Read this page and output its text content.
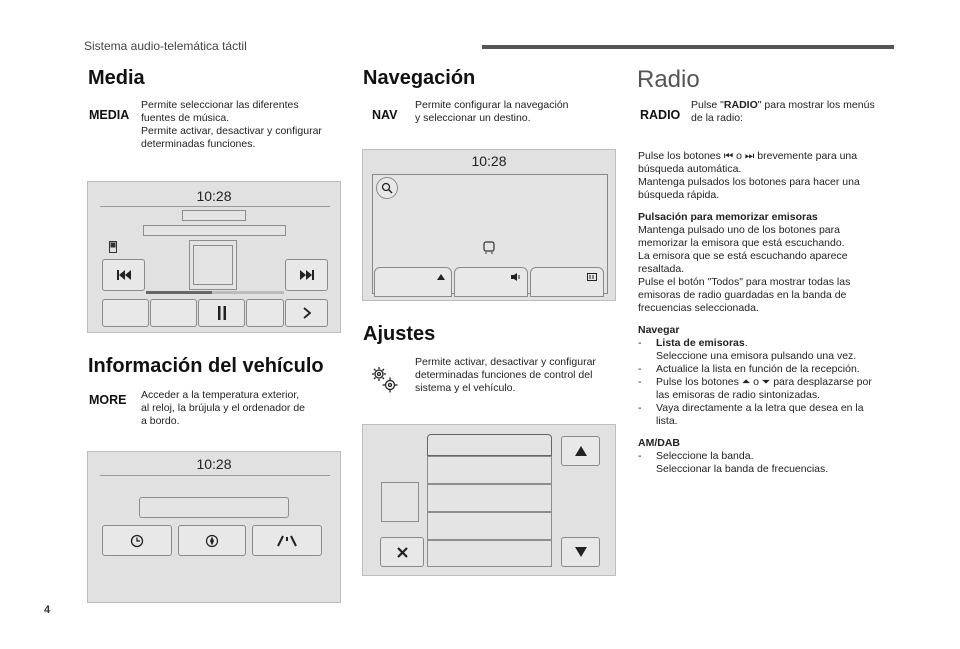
Sistema audio-telemática táctil
Media
MEDIA
Permite seleccionar las diferentes
fuentes de música.
Permite activar, desactivar y configurar
determinadas funciones.
10:28
Información del vehículo
MORE Acceder a la temperatura exterior,
al reloj, la brújula y el ordenador de
a bordo.
10:28
Navegación
NAV
Permite configurar la navegación
y seleccionar un destino.
10:28
Ajustes
Permite activar, desactivar y configurar
determinadas funciones de control del
sistema y el vehículo.
Radio
RADIO
Pulse "RADIO" para mostrar los menús
de la radio:
Pulse los botones ⏮ o ⏭ brevemente para una
búsqueda automática.
Mantenga pulsados los botones para hacer una
búsqueda rápida.
Pulsación para memorizar emisoras
Mantenga pulsado uno de los botones para
memorizar la emisora que está escuchando.
La emisora que se está escuchando aparece
resaltada.
Pulse el botón "Todos" para mostrar todas las
emisoras de radio guardadas en la banda de
frecuencias seleccionada.
Navegar
- Lista de emisoras.
Seleccione una emisora pulsando una vez.
- Actualice la lista en función de la recepción.
- Pulse los botones ⏶ o ⏷ para desplazarse por
las emisoras de radio sintonizadas.
- Vaya directamente a la letra que desea en la
lista.
AM/DAB
- Seleccione la banda.
Seleccionar la banda de frecuencias.
4
